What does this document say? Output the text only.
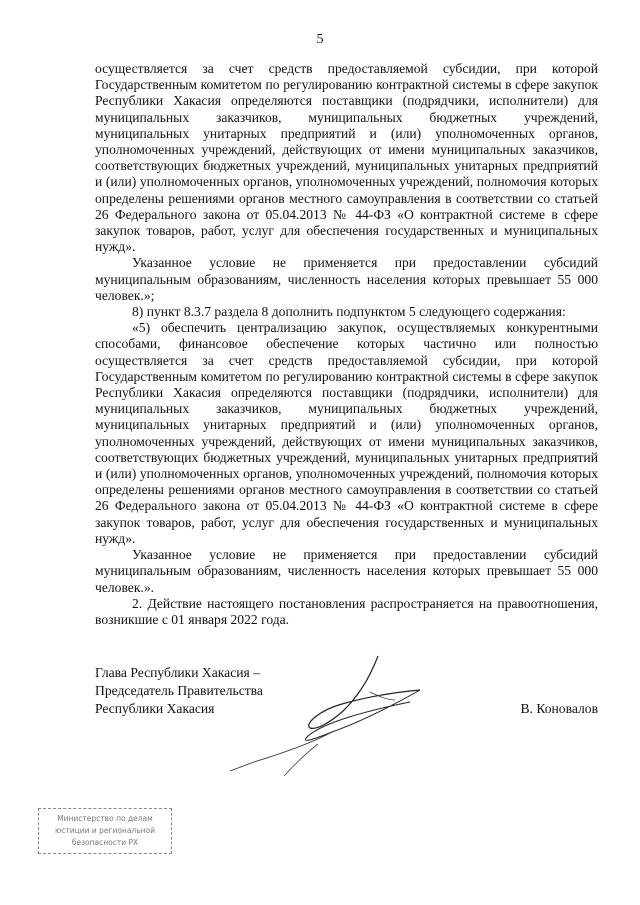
5

осуществляется за счет средств предоставляемой субсидии, при которой Государственным комитетом по регулированию контрактной системы в сфере закупок Республики Хакасия определяются поставщики (подрядчики, исполнители) для муниципальных заказчиков, муниципальных бюджетных учреждений, муниципальных унитарных предприятий и (или) уполномоченных органов, уполномоченных учреждений, действующих от имени муниципальных заказчиков, соответствующих бюджетных учреждений, муниципальных унитарных предприятий и (или) уполномоченных органов, уполномоченных учреждений, полномочия которых определены решениями органов местного самоуправления в соответствии со статьей 26 Федерального закона от 05.04.2013 № 44-ФЗ «О контрактной системе в сфере закупок товаров, работ, услуг для обеспечения государственных и муниципальных нужд».

Указанное условие не применяется при предоставлении субсидий муниципальным образованиям, численность населения которых превышает 55 000 человек.»;

8) пункт 8.3.7 раздела 8 дополнить подпунктом 5 следующего содержания:

«5) обеспечить централизацию закупок, осуществляемых конкурентными способами, финансовое обеспечение которых частично или полностью осуществляется за счет средств предоставляемой субсидии, при которой Государственным комитетом по регулированию контрактной системы в сфере закупок Республики Хакасия определяются поставщики (подрядчики, исполнители) для муниципальных заказчиков, муниципальных бюджетных учреждений, муниципальных унитарных предприятий и (или) уполномоченных органов, уполномоченных учреждений, действующих от имени муниципальных заказчиков, соответствующих бюджетных учреждений, муниципальных унитарных предприятий и (или) уполномоченных органов, уполномоченных учреждений, полномочия которых определены решениями органов местного самоуправления в соответствии со статьей 26 Федерального закона от 05.04.2013 № 44-ФЗ «О контрактной системе в сфере закупок товаров, работ, услуг для обеспечения государственных и муниципальных нужд».

Указанное условие не применяется при предоставлении субсидий муниципальным образованиям, численность населения которых превышает 55 000 человек.».

2. Действие настоящего постановления распространяется на правоотношения, возникшие с 01 января 2022 года.

Глава Республики Хакасия –
Председатель Правительства
Республики Хакасия	В. Коновалов
Министерство по делам
юстиции и региональной
безопасности РХ
